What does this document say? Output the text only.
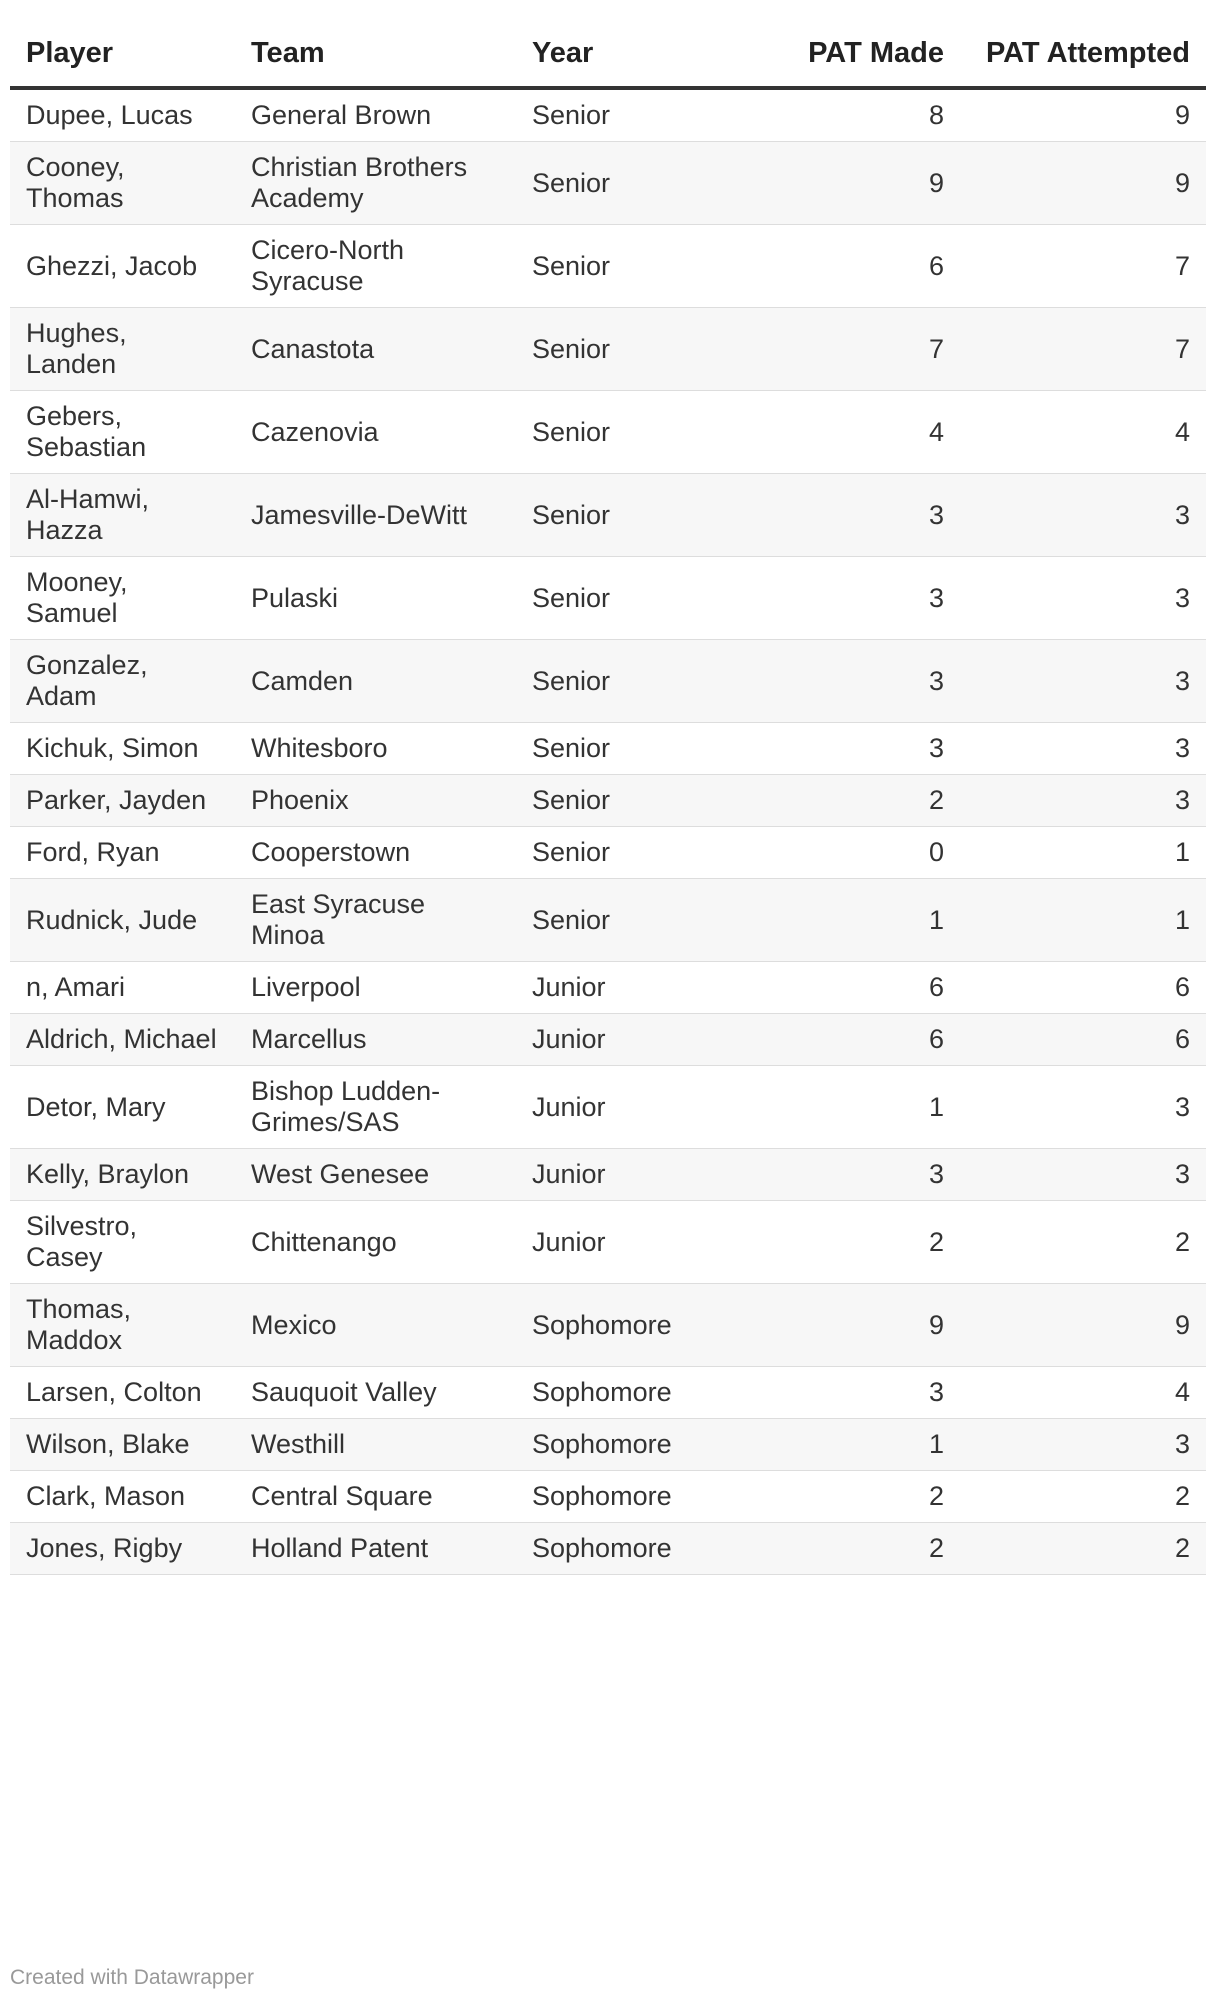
Player	Team	Year	PAT Made	PAT Attempted
Dupee, Lucas	General Brown	Senior	8	9
Cooney, Thomas	Christian Brothers Academy	Senior	9	9
Ghezzi, Jacob	Cicero-North Syracuse	Senior	6	7
Hughes, Landen	Canastota	Senior	7	7
Gebers, Sebastian	Cazenovia	Senior	4	4
Al-Hamwi, Hazza	Jamesville-DeWitt	Senior	3	3
Mooney, Samuel	Pulaski	Senior	3	3
Gonzalez, Adam	Camden	Senior	3	3
Kichuk, Simon	Whitesboro	Senior	3	3
Parker, Jayden	Phoenix	Senior	2	3
Ford, Ryan	Cooperstown	Senior	0	1
Rudnick, Jude	East Syracuse Minoa	Senior	1	1
n, Amari	Liverpool	Junior	6	6
Aldrich, Michael	Marcellus	Junior	6	6
Detor, Mary	Bishop Ludden-Grimes/SAS	Junior	1	3
Kelly, Braylon	West Genesee	Junior	3	3
Silvestro, Casey	Chittenango	Junior	2	2
Thomas, Maddox	Mexico	Sophomore	9	9
Larsen, Colton	Sauquoit Valley	Sophomore	3	4
Wilson, Blake	Westhill	Sophomore	1	3
Clark, Mason	Central Square	Sophomore	2	2
Jones, Rigby	Holland Patent	Sophomore	2	2
Created with Datawrapper
